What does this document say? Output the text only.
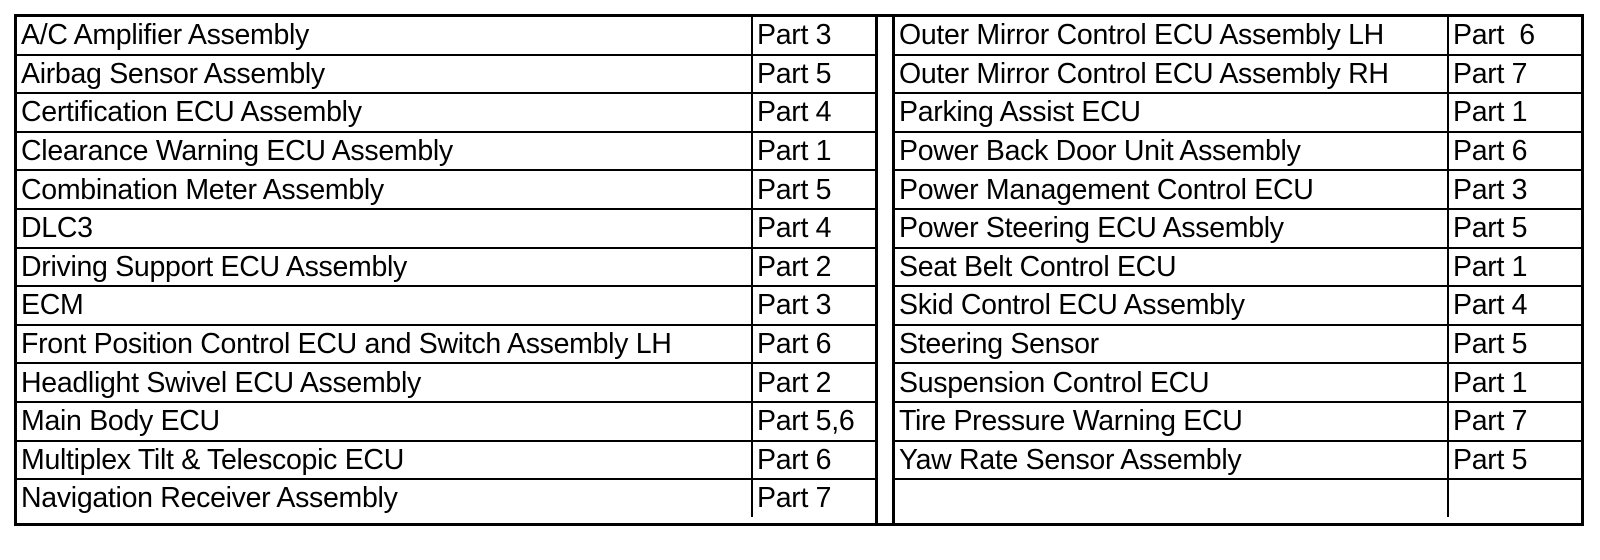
A/C Amplifier Assembly	Part 3
Airbag Sensor Assembly	Part 5
Certification ECU Assembly	Part 4
Clearance Warning ECU Assembly	Part 1
Combination Meter Assembly	Part 5
DLC3	Part 4
Driving Support ECU Assembly	Part 2
ECM	Part 3
Front Position Control ECU and Switch Assembly LH	Part 6
Headlight Swivel ECU Assembly	Part 2
Main Body ECU	Part 5,6
Multiplex Tilt & Telescopic ECU	Part 6
Navigation Receiver Assembly	Part 7
Outer Mirror Control ECU Assembly LH	Part  6
Outer Mirror Control ECU Assembly RH	Part 7
Parking Assist ECU	Part 1
Power Back Door Unit Assembly	Part 6
Power Management Control ECU	Part 3
Power Steering ECU Assembly	Part 5
Seat Belt Control ECU	Part 1
Skid Control ECU Assembly	Part 4
Steering Sensor	Part 5
Suspension Control ECU	Part 1
Tire Pressure Warning ECU	Part 7
Yaw Rate Sensor Assembly	Part 5
